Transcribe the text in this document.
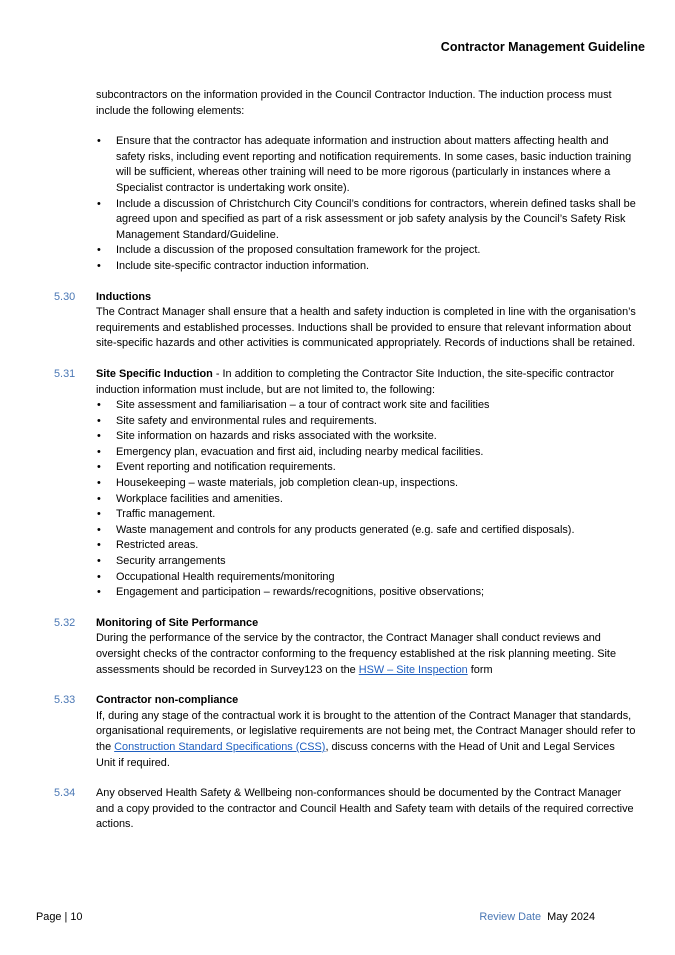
Contractor Management Guideline

subcontractors on the information provided in the Council Contractor Induction. The induction process must include the following elements:

• Ensure that the contractor has adequate information and instruction about matters affecting health and safety risks, including event reporting and notification requirements. In some cases, basic induction training will be sufficient, whereas other training will need to be more rigorous (particularly in instances where a Specialist contractor is undertaking work onsite).
• Include a discussion of Christchurch City Council’s conditions for contractors, wherein defined tasks shall be agreed upon and specified as part of a risk assessment or job safety analysis by the Council’s Safety Risk Management Standard/Guideline.
• Include a discussion of the proposed consultation framework for the project.
• Include site-specific contractor induction information.
5.30 Inductions

The Contract Manager shall ensure that a health and safety induction is completed in line with the organisation’s requirements and established processes. Inductions shall be provided to ensure that relevant information about site-specific hazards and other activities is communicated appropriately. Records of inductions shall be retained.

5.31 Site Specific Induction - In addition to completing the Contractor Site Induction, the site-specific contractor induction information must include, but are not limited to, the following:

• Site assessment and familiarisation – a tour of contract work site and facilities
• Site safety and environmental rules and requirements.
• Site information on hazards and risks associated with the worksite.
• Emergency plan, evacuation and first aid, including nearby medical facilities.
• Event reporting and notification requirements.
• Housekeeping – waste materials, job completion clean-up, inspections.
• Workplace facilities and amenities.
• Traffic management.
• Waste management and controls for any products generated (e.g. safe and certified disposals).
• Restricted areas.
• Security arrangements
• Occupational Health requirements/monitoring
• Engagement and participation – rewards/recognitions, positive observations;
5.32 Monitoring of Site Performance

During the performance of the service by the contractor, the Contract Manager shall conduct reviews and oversight checks of the contractor conforming to the frequency established at the risk planning meeting. Site assessments should be recorded in Survey123 on the HSW – Site Inspection form

5.33 Contractor non-compliance

If, during any stage of the contractual work it is brought to the attention of the Contract Manager that standards, organisational requirements, or legislative requirements are not being met, the Contract Manager should refer to the Construction Standard Specifications (CSS), discuss concerns with the Head of Unit and Legal Services Unit if required.

5.34 Any observed Health Safety & Wellbeing non-conformances should be documented by the Contract Manager and a copy provided to the contractor and Council Health and Safety team with details of the required corrective actions.

Page | 10	Review Date May 2024
